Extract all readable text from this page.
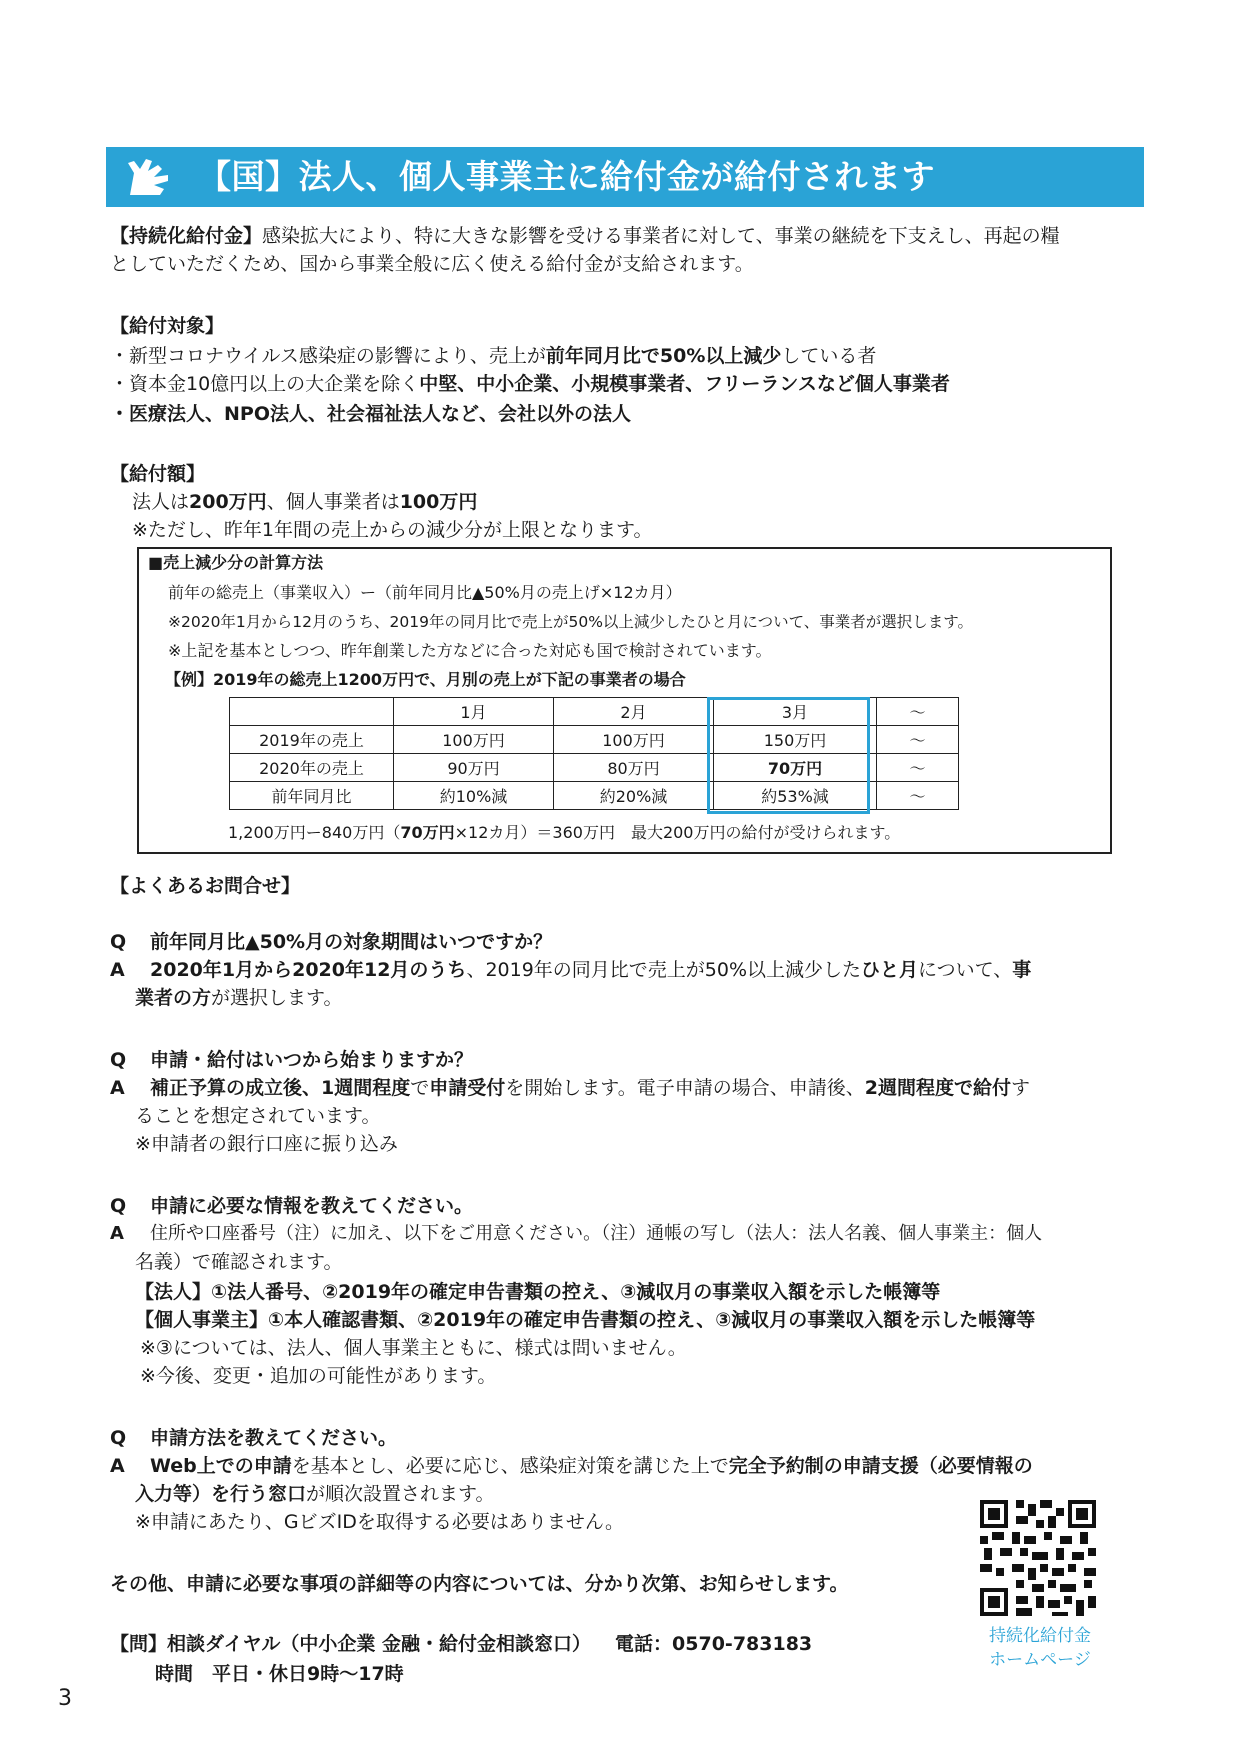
【国】法人、個人事業主に給付金が給付されます
【持続化給付金】感染拡大により、特に大きな影響を受ける事業者に対して、事業の継続を下支えし、再起の糧
としていただくため、国から事業全般に広く使える給付金が支給されます。
【給付対象】
・新型コロナウイルス感染症の影響により、売上が前年同月比で50%以上減少している者
・資本金10億円以上の大企業を除く中堅、中小企業、小規模事業者、フリーランスなど個人事業者
・医療法人、NPO法人、社会福祉法人など、会社以外の法人
【給付額】
法人は200万円、個人事業者は100万円
※ただし、昨年1年間の売上からの減少分が上限となります。
■売上減少分の計算方法
前年の総売上（事業収入）ー（前年同月比▲50%月の売上げ×12カ月）
※2020年1月から12月のうち、2019年の同月比で売上が50%以上減少したひと月について、事業者が選択します。
※上記を基本としつつ、昨年創業した方などに合った対応も国で検討されています。
【例】2019年の総売上1200万円で、月別の売上が下記の事業者の場合
	1月	2月	3月	〜
2019年の売上	100万円	100万円	150万円	〜
2020年の売上	90万円	80万円	70万円	〜
前年同月比	約10%減	約20%減	約53%減	〜
1,200万円ー840万円（70万円×12カ月）＝360万円　最大200万円の給付が受けられます。
【よくあるお問合せ】
Q 前年同月比▲50%月の対象期間はいつですか？
A 2020年1月から2020年12月のうち、2019年の同月比で売上が50%以上減少したひと月について、事
業者の方が選択します。
Q 申請・給付はいつから始まりますか？
A 補正予算の成立後、1週間程度で申請受付を開始します。電子申請の場合、申請後、2週間程度で給付す
ることを想定されています。
※申請者の銀行口座に振り込み
Q 申請に必要な情報を教えてください。
A 住所や口座番号（注）に加え、以下をご用意ください。（注）通帳の写し（法人：法人名義、個人事業主：個人
名義）で確認されます。
【法人】①法人番号、②2019年の確定申告書類の控え、③減収月の事業収入額を示した帳簿等
【個人事業主】①本人確認書類、②2019年の確定申告書類の控え、③減収月の事業収入額を示した帳簿等
※③については、法人、個人事業主ともに、様式は問いません。
※今後、変更・追加の可能性があります。
Q 申請方法を教えてください。
A Web上での申請を基本とし、必要に応じ、感染症対策を講じた上で完全予約制の申請支援（必要情報の
入力等）を行う窓口が順次設置されます。
※申請にあたり、GビズIDを取得する必要はありません。
その他、申請に必要な事項の詳細等の内容については、分かり次第、お知らせします。
【問】相談ダイヤル（中小企業 金融・給付金相談窓口） 電話：0570-783183
時間　平日・休日9時〜17時
持続化給付金
ホームページ
3
